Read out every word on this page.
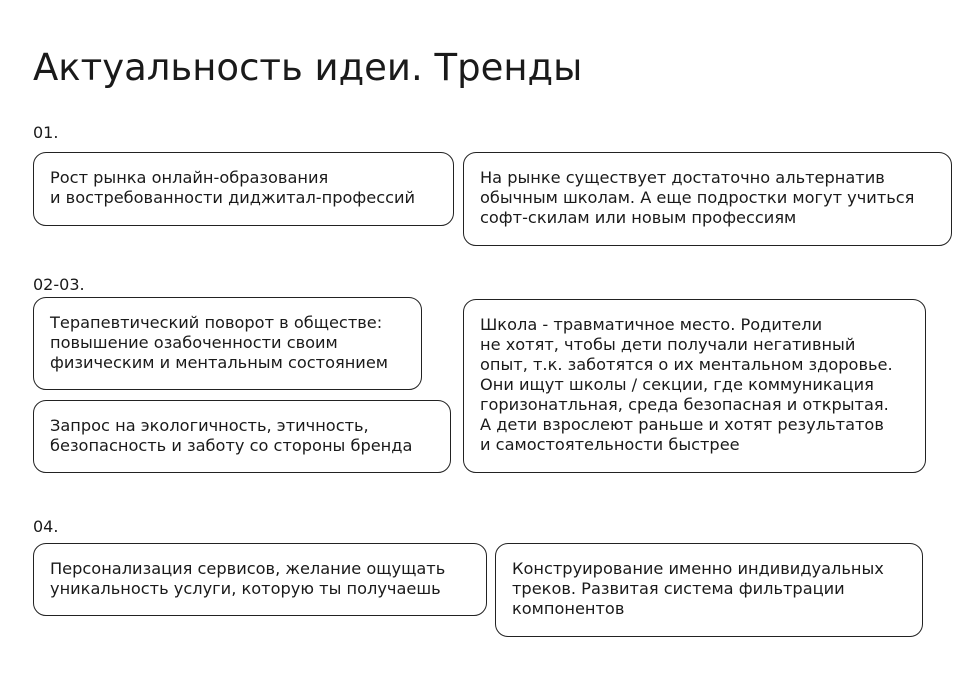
Актуальность идеи. Тренды
01.
Рост рынка онлайн-образования
и востребованности диджитал-профессий
На рынке существует достаточно альтернатив
обычным школам. А еще подростки могут учиться
софт-скилам или новым профессиям
02-03.
Терапевтический поворот в обществе:
повышение озабоченности своим
физическим и ментальным состоянием
Запрос на экологичность, этичность,
безопасность и заботу со стороны бренда
Школа - травматичное место. Родители
не хотят, чтобы дети получали негативный
опыт, т.к. заботятся о их ментальном здоровье.
Они ищут школы / секции, где коммуникация
горизонатльная, среда безопасная и открытая.
А дети взрослеют раньше и хотят результатов
и самостоятельности быстрее
04.
Персонализация сервисов, желание ощущать
уникальность услуги, которую ты получаешь
Конструирование именно индивидуальных
треков. Развитая система фильтрации
компонентов
